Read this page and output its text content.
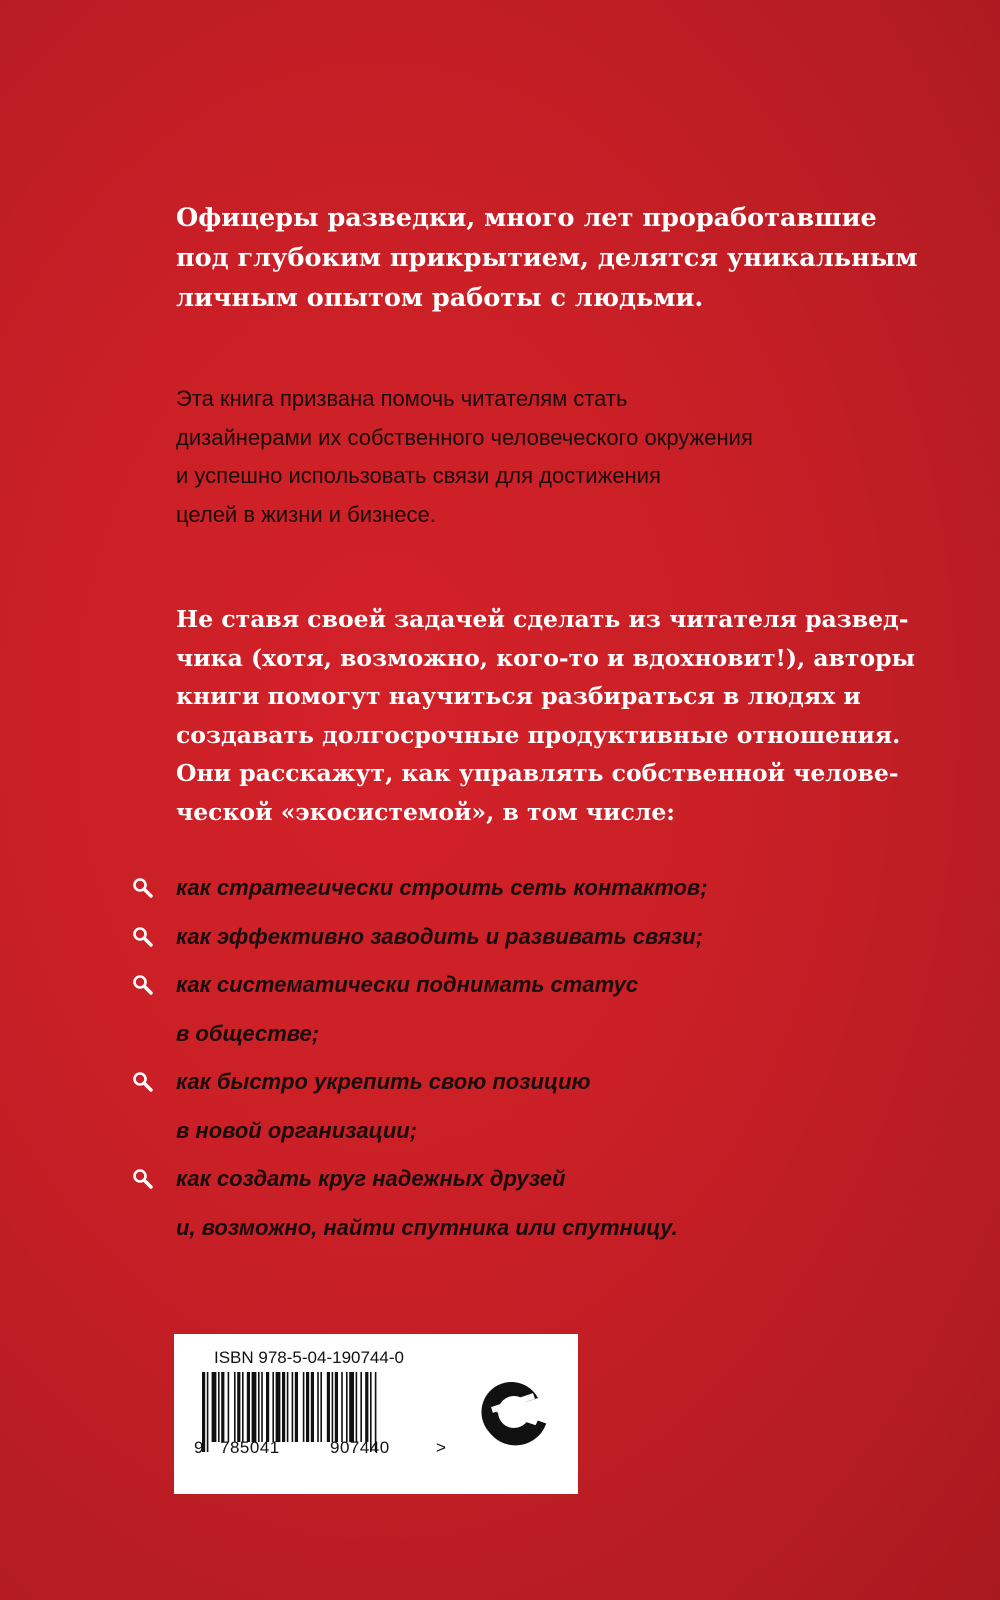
Офицеры разведки, много лет проработавшие
под глубоким прикрытием, делятся уникальным
личным опытом работы с людьми.
Эта книга призвана помочь читателям стать
дизайнерами их собственного человеческого окружения
и успешно использовать связи для достижения
целей в жизни и бизнесе.
Не ставя своей задачей сделать из читателя развед-
чика (хотя, возможно, кого-то и вдохновит!), авторы
книги помогут научиться разбираться в людях и
создавать долгосрочные продуктивные отношения.
Они расскажут, как управлять собственной челове-
ческой «экосистемой», в том числе:
как стратегически строить сеть контактов;
как эффективно заводить и развивать связи;
как систематически поднимать статус
в обществе;
как быстро укрепить свою позицию
в новой организации;
как создать круг надежных друзей
и, возможно, найти спутника или спутницу.
ISBN 978-5-04-190744-0
9 785041	907440	>
